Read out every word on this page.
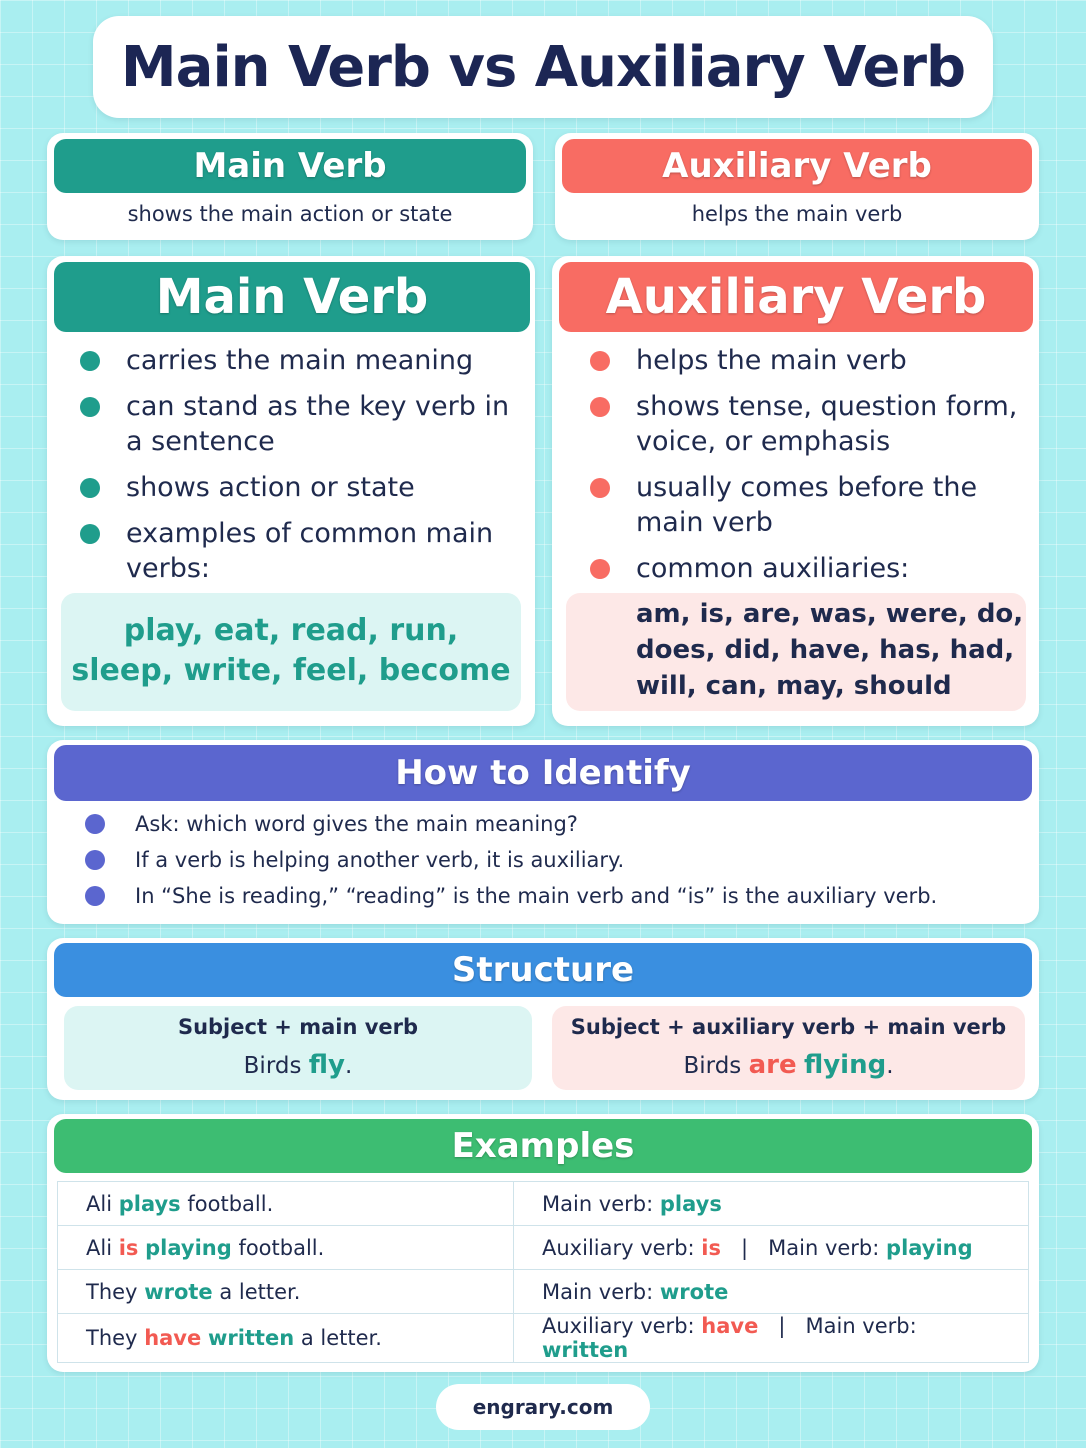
Main Verb vs Auxiliary Verb
Main Verb
shows the main action or state
Auxiliary Verb
helps the main verb
Main Verb
carries the main meaning
can stand as the key verb in a sentence
shows action or state
examples of common main verbs:
play, eat, read, run,
sleep, write, feel, become
Auxiliary Verb
helps the main verb
shows tense, question form, voice, or emphasis
usually comes before the main verb
common auxiliaries:
am, is, are, was, were, do,
does, did, have, has, had,
will, can, may, should
How to Identify
Ask: which word gives the main meaning?
If a verb is helping another verb, it is auxiliary.
In “She is reading,” “reading” is the main verb and “is” is the auxiliary verb.
Structure
Subject + main verb
Birds fly.
Subject + auxiliary verb + main verb
Birds are flying.
Examples
Ali plays football.	Main verb: plays
Ali is playing football.	Auxiliary verb: is | Main verb: playing
They wrote a letter.	Main verb: wrote
They have written a letter.	Auxiliary verb: have | Main verb: written
engrary.com
